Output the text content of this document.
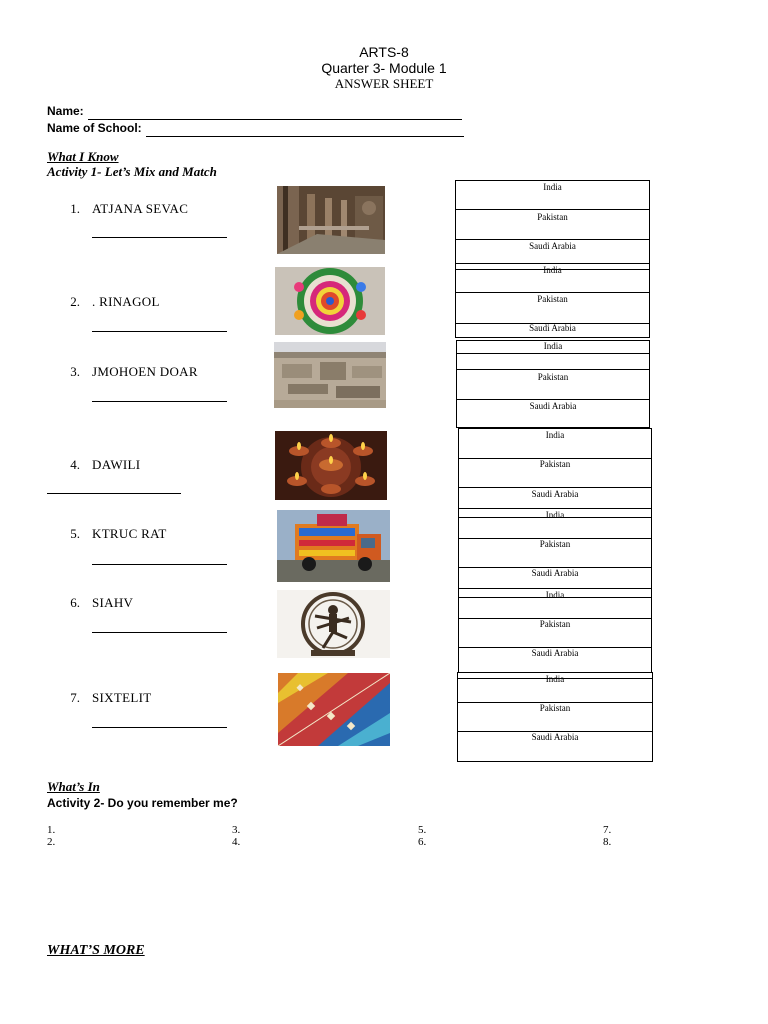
ARTS-8
Quarter 3- Module 1
ANSWER SHEET
Name:
Name of School:
What I Know
Activity 1- Let’s Mix and Match
1. ATJANA SEVAC
2. . RINAGOL
3. JMOHOEN DOAR
4. DAWILI
5. KTRUC RAT
6. SIAHV
7. SIXTELIT
India
Pakistan
Saudi Arabia
India
Pakistan
Saudi Arabia
India
Pakistan
Saudi Arabia
India
Pakistan
Saudi Arabia
India
Pakistan
Saudi Arabia
India
Pakistan
Saudi Arabia
India
Pakistan
Saudi Arabia
What’s In
Activity 2- Do you remember me?
1.
2.
3.
4.
5.
6.
7.
8.
WHAT’S MORE
